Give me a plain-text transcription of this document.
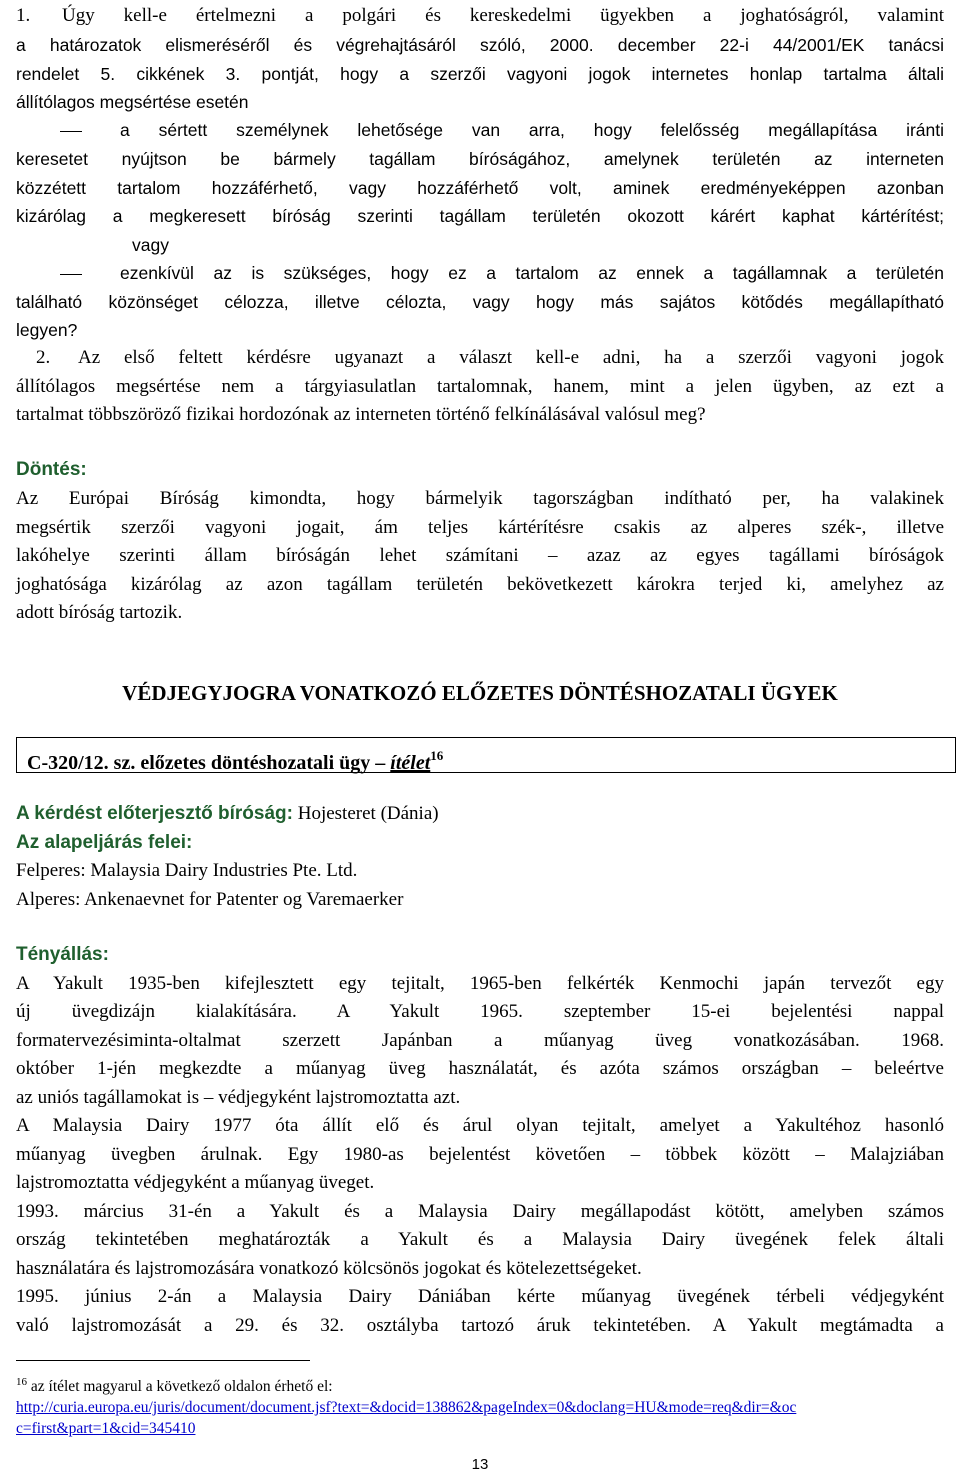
1. Úgy kell-e értelmezni a polgári és kereskedelmi ügyekben a joghatóságról, valamint

a határozatok elismeréséről és végrehajtásáról szóló, 2000. december 22-i 44/2001/EK tanácsi

rendelet 5. cikkének 3. pontját, hogy a szerzői vagyoni jogok internetes honlap tartalma általi

állítólagos megsértése esetén

a sértett személynek lehetősége van arra, hogy felelősség megállapítása iránti

keresetet nyújtson be bármely tagállam bíróságához, amelynek területén az interneten

közzétett tartalom hozzáférhető, vagy hozzáférhető volt, aminek eredményeképpen azonban

kizárólag a megkeresett bíróság szerinti tagállam területén okozott kárért kaphat kártérítést;

vagy

ezenkívül az is szükséges, hogy ez a tartalom az ennek a tagállamnak a területén

található közönséget célozza, illetve célozta, vagy hogy más sajátos kötődés megállapítható

legyen?

2. Az első feltett kérdésre ugyanazt a választ kell-e adni, ha a szerzői vagyoni jogok

állítólagos megsértése nem a tárgyiasulatlan tartalomnak, hanem, mint a jelen ügyben, az ezt a

tartalmat többszöröző fizikai hordozónak az interneten történő felkínálásával valósul meg?

Döntés:

Az Európai Bíróság kimondta, hogy bármelyik tagországban indítható per, ha valakinek

megsértik szerzői vagyoni jogait, ám teljes kártérítésre csakis az alperes szék-, illetve

lakóhelye szerinti állam bíróságán lehet számítani – azaz az egyes tagállami bíróságok

joghatósága kizárólag az azon tagállam területén bekövetkezett károkra terjed ki, amelyhez az

adott bíróság tartozik.

VÉDJEGYJOGRA VONATKOZÓ ELŐZETES DÖNTÉSHOZATALI ÜGYEK
C-320/12. sz. előzetes döntéshozatali ügy – ítélet$^{16}$

A kérdést előterjesztő bíróság: Hojesteret (Dánia)

Az alapeljárás felei:

Felperes: Malaysia Dairy Industries Pte. Ltd.

Alperes: Ankenaevnet for Patenter og Varemaerker

Tényállás:

A Yakult 1935-ben kifejlesztett egy tejitalt, 1965-ben felkérték Kenmochi japán tervezőt egy

új üvegdizájn kialakítására. A Yakult 1965. szeptember 15-ei bejelentési nappal

formatervezésiminta-oltalmat szerzett Japánban a műanyag üveg vonatkozásában. 1968.

október 1-jén megkezdte a műanyag üveg használatát, és azóta számos országban – beleértve

az uniós tagállamokat is – védjegyként lajstromoztatta azt.

A Malaysia Dairy 1977 óta állít elő és árul olyan tejitalt, amelyet a Yakultéhoz hasonló

műanyag üvegben árulnak. Egy 1980-as bejelentést követően – többek között – Malajziában

lajstromoztatta védjegyként a műanyag üveget.

1993. március 31-én a Yakult és a Malaysia Dairy megállapodást kötött, amelyben számos

ország tekintetében meghatározták a Yakult és a Malaysia Dairy üvegének felek általi

használatára és lajstromozására vonatkozó kölcsönös jogokat és kötelezettségeket.

1995. június 2-án a Malaysia Dairy Dániában kérte műanyag üvegének térbeli védjegyként

való lajstromozását a 29. és 32. osztályba tartozó áruk tekintetében. A Yakult megtámadta a

$^{16}$ az ítélet magyarul a következő oldalon érhető el:
http://curia.europa.eu/juris/document/document.jsf?text=&docid=138862&pageIndex=0&doclang=HU&mode=req&dir=&oc
c=first&part=1&cid=345410
13
